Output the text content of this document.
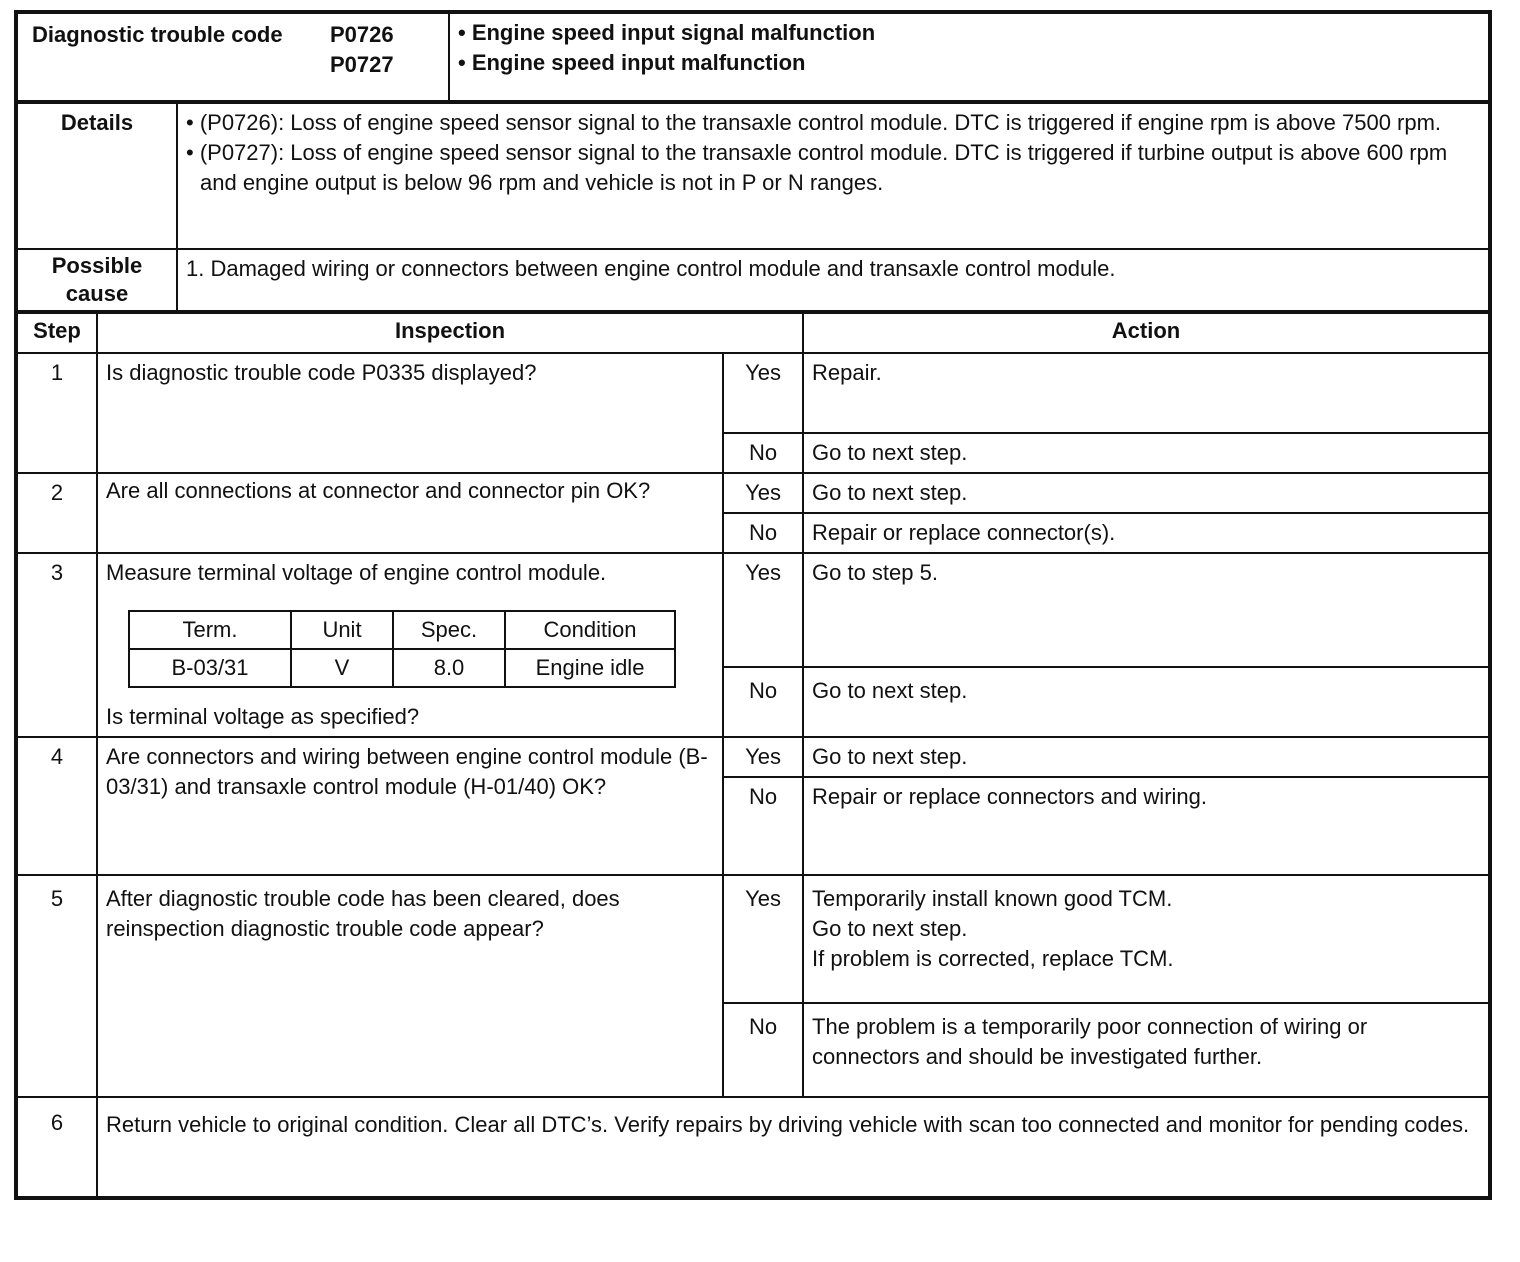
Diagnostic trouble code P0726
P0727

• Engine speed input signal malfunction
• Engine speed input malfunction
Details	• (P0726): Loss of engine speed sensor signal to the transaxle control module. DTC is triggered if engine rpm is above 7500 rpm.
• (P0727): Loss of engine speed sensor signal to the transaxle control module. DTC is triggered if turbine output is above 600 rpm and engine output is below 96 rpm and vehicle is not in P or N ranges.

Possible
cause	1. Damaged wiring or connectors between engine control module and transaxle control module.
Step	Inspection	Action
1	Is diagnostic trouble code P0335 displayed?	Yes	Repair.
No	Go to next step.
2	Are all connections at connector and connector pin OK?	Yes	Go to next step.
No	Repair or replace connector(s).
3	Measure terminal voltage of engine control module.
Term.	Unit	Spec.	Condition
B-03/31	V	8.0	Engine idle
Is terminal voltage as specified?
	Yes	Go to step 5.
No	Go to next step.
4	Are connectors and wiring between engine control module (B-03/31) and transaxle control module (H-01/40) OK?	Yes	Go to next step.
No	Repair or replace connectors and wiring.
5	After diagnostic trouble code has been cleared, does reinspection diagnostic trouble code appear?	Yes	Temporarily install known good TCM.
Go to next step.
If problem is corrected, replace TCM.

No	The problem is a temporarily poor connection of wiring or connectors and should be investigated further.
6	Return vehicle to original condition. Clear all DTC’s. Verify repairs by driving vehicle with scan too connected and monitor for pending codes.
